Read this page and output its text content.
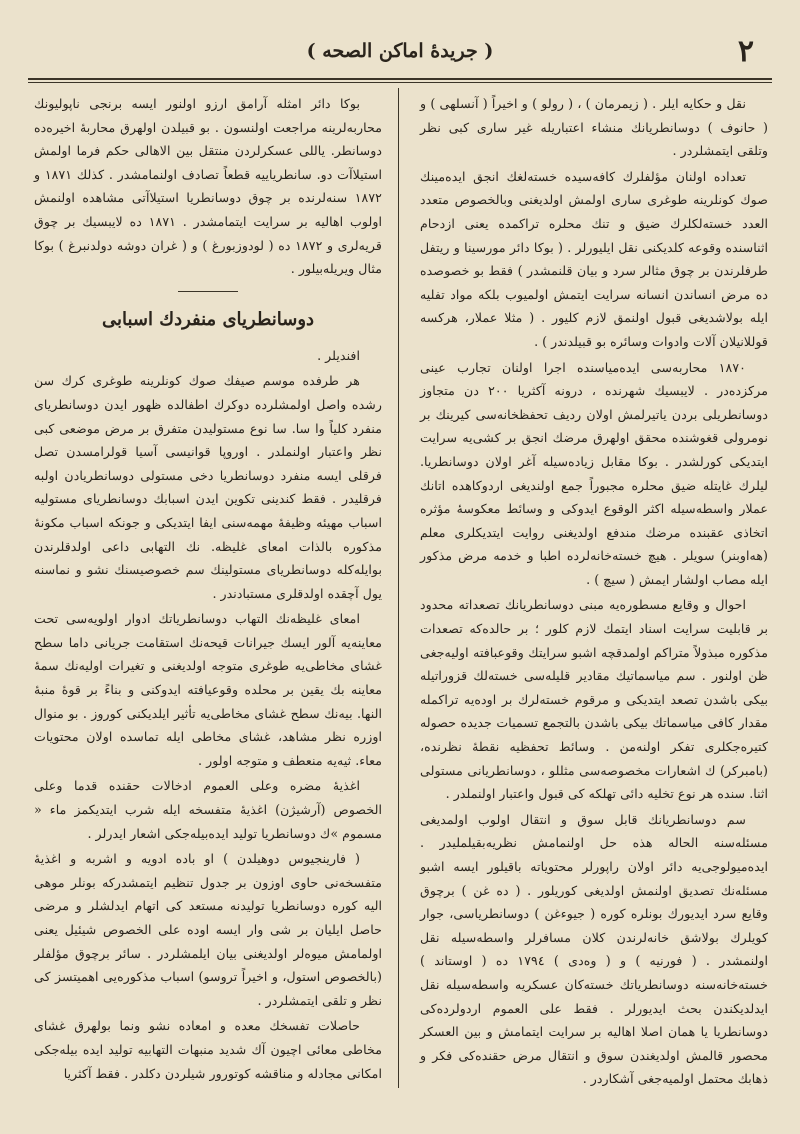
٢
( جريدهٔ اماكن الصحه )

نقل و حكايه ايلر . ( زيمرمان ) ، ( رولو ) و اخيراً ( آنسلهی ) و ( حانوف ) دوسانطريانك منشاء اعتباريله غير سارى كبى نظر وتلقى ايتمشلردر .

تعداده اولنان مؤلفلرك كافه‌سيده خسته‌لغك انجق ايده‌مينك صوك كونلرينه طوغرى سارى اولمش اولديغنى وبالخصوص متعدد العدد خسته‌لكلرك ضيق و تنك محلره تراكمده يعنى ازدحام اثناسنده وقوعه كلديكنى نقل ايليورلر . ( بوكا دائر مورسينا و ريتفل طرفلرندن بر چوق مثالر سرد و بيان قلنمشدر ) فقط بو خصوصده ده مرض انساندن انسانه سرايت ايتمش اولميوب بلكه مواد تفليه ايله بولاشديغى قبول اولنمق لازم كليور . ( مثلا عملار، هركسه قوللانيلان آلات وادوات وسائره بو قبيلدندر ) .

١٨٧٠ محاربه‌سى ايده‌ميا‌سنده اجرا اولنان تجارب عينى مركزده‌در . لايبسيك شهرنده ، درونه آكثريا ٢٠٠ دن متجاوز دوسانطريلى بردن ياتيرلمش اولان رديف تحفظخانه‌سى كيرينك بر نومرولى قغوشنده محقق اولهرق مرضك انجق بر كشى‌يه سرايت ايتديكى كورلشدر . بوكا مقابل زياده‌سيله آغر اولان دوسانطريا. ليلرك غايتله ضيق محلره مجبوراً جمع اولنديغى اردوكاهده اتانك عملار واسطه‌سيله اكثر الوقوع ايدوكى و وسائط معكوسهٔ مؤثره اتخاذى عقبنده مرضك مندفع اولديغنى روايت ايتديكلرى معلم (هه‌اوبنر) سويلر . هيچ خسته‌خانه‌لرده اطبا و خدمه مرض مذكور ايله مصاب اولشار ايمش ( سيچ ) .

احوال و وقايع مسطوره‌يه مبنى دوسانطريانك تصعداته محدود بر قابليت سرايت اسناد ايتمك لازم كلور ؛ بر حالده‌كه تصعدات مذكوره مبذولاً متراكم اولمدقچه اشبو سرايتك وقوعبافته اوليه‌جغى ظن اولنور . سم مياسماتيك مقادير قليله‌سى خسته‌لك قزوراتيله بيكى باشدن تصعد ايتديكى و مرقوم خسته‌لرك بر اوده‌يه تراكمله مقدار كافى مياسماتك بيكى باشدن بالتجمع تسميات جديده حصوله كتيره‌جكلرى تفكر اولنه‌من . وسائط تحفظيه نقطهٔ نظرنده، (بامبركر) ك اشعارات مخصوصه‌سى مثللو ، دوسانطريانى مستولى اثنا. سنده هر نوع تخليه دائى تهلكه كى قبول واعتبار اولنملدر .

سم دوسانطريانك قابل سوق و انتقال اولوب اولمديغى مسئله‌سنه الحاله هذه حل اولنمامش نظريه‌بقيلمليدر . ايده‌ميولوجى‌يه دائر اولان راپورلر محتوياته باقيلور ايسه اشبو مسئله‌نك تصديق اولنمش اولديغى كوريلور . ( ده غن ) برچوق وقايع سرد ايديورك بونلره كوره ( جيوءغن ) دوسانطرياسى، جوار كويلرك بولاشق خانه‌لرندن كلان مسافرلر واسطه‌سيله نقل اولنمشدر . ( فورنيه ) و ( وه‌دى ) ١٧٩٤ ده ( اوستاند ) خسته‌خانه‌سنه دوسانطرياتك خسته‌كان عسكريه واسطه‌سيله نقل ايدلديكندن بحث ايديورلر . فقط على العموم اردولرده‌كى دوسانطريا یا همان اصلا اهاليه بر سرايت ايتمامش و بين العسكر محصور قالمش اولديغندن سوق و انتقال مرض حقنده‌كى فكر و ذهابك محتمل اولميه‌جغى آشكاردر .

بوكا دائر امثله آرامق ارزو اولنور ايسه برنجى ناپولیونك محاربه‌لرينه مراجعت اولنسون . بو قبيلدن اولهرق محاربهٔ اخيره‌ده دوسانطر. ياللى عسكرلردن منتقل بين الاهالى حكم فرما اولمش استيلاآت دو. سانطرياييه قطعاً تصادف اولنمامشدر . كذلك ١٨٧١ و ١٨٧٢ سنه‌لرنده بر چوق دوسانطريا استيلاآتى مشاهده اولنمش اولوب اهاليه بر سرايت ايتمامشدر . ١٨٧١ ده لايبسيك بر چوق قريه‌لرى و ١٨٧٢ ده ( لودوزبورغ ) و ( غران دوشه دولدنبرغ ) بوكا مثال ويريله‌بيلور .

دوسانطريای منفردك اسبابى

افنديلر .

هر طرفده موسم صيفك صوك كونلرينه طوغرى كرك سن رشده واصل اولمشلرده دوكرك اطفالده ظهور ايدن دوسانطرياى منفرد كلياً وا سا. سا نوع مستوليدن متفرق بر مرض موضعى كبى نظر واعتبار اولنملدر . اوروپا قوانيسى آسيا قولرامسدن تصل فرقلى ايسه منفرد دوسانطريا دخى مستولى دوسانطريادن اولبه فرقليدر . فقط كندينى تكوين ايدن اسبابك دوسانطرياى مستوليه اسباب مهيئه وظيفهٔ مهمه‌سنى ايفا ايتديكى و جونكه اسباب مكونهٔ مذكوره بالذات امعاى غليظه. نك التهابى داعى اولدقلرندن بوايله‌كله دوسانطرياى مستولينك سم خصوصيسنك نشو و نماسنه يول آچقده اولدقلرى مستبادندر .

امعاى غليظه‌نك التهاب دوسانطرياتك ادوار اولويه‌سى تحت معاينه‌يه آلور ايسك جيرانات قيحه‌نك استقامت جريانى داما سطح غشاى مخاطى‌يه طوغرى متوجه اولديغنى و تغيرات اوليه‌نك سمهٔ معاينه بك يقين بر محلده وقوعيافته ايدوكنى و بناءً بر قوهٔ منبهٔ النها. بيه‌نك سطح غشاى مخاطى‌يه تأثير ايلديكنى كوروز . بو منوال اوزره نظر مشاهد، غشاى مخاطى ايله تماسده اولان محتويات معاء. ثيه‌يه منعطف و متوجه اولور .

اغذيهٔ مضره وعلى العموم ادخالات حقنده قدما وعلى الخصوص (آرشيژن) اغذيهٔ متفسخه ايله شرب ايتديكمز ماء « مسموم »ك دوسانطريا توليد ايده‌بيله‌جكى اشعار ايدرلر .

( فارينجيوس دوهيلدن ) او باده ادويه و اشربه و اغذيهٔ متفسخه‌نى حاوى اوزون بر جدول تنظيم ايتمشدركه بونلر موهى اليه كوره دوسانطريا توليدنه مستعد كى اتهام ايدلشلر و مرضى حاصل ايليان بر شى وار ايسه اوده على الخصوص شيئيل يعنى اولمامش ميوه‌لر اولديغنى بيان ايلمشلردر . سائر برچوق مؤلفلر (بالخصوص استول، و اخيراً تروسو) اسباب مذكوره‌يى اهميتسز كى نظر و تلقى ايتمشلردر .

حاصلات تفسخك معده و امعاده نشو ونما بولهرق غشاى مخاطى معائى اچيون آك شديد منبهات التهابيه توليد ايده بيله‌جكى امكانى مجادله و مناقشه كوتورور شيلردن دكلدر . فقط آكثريا
